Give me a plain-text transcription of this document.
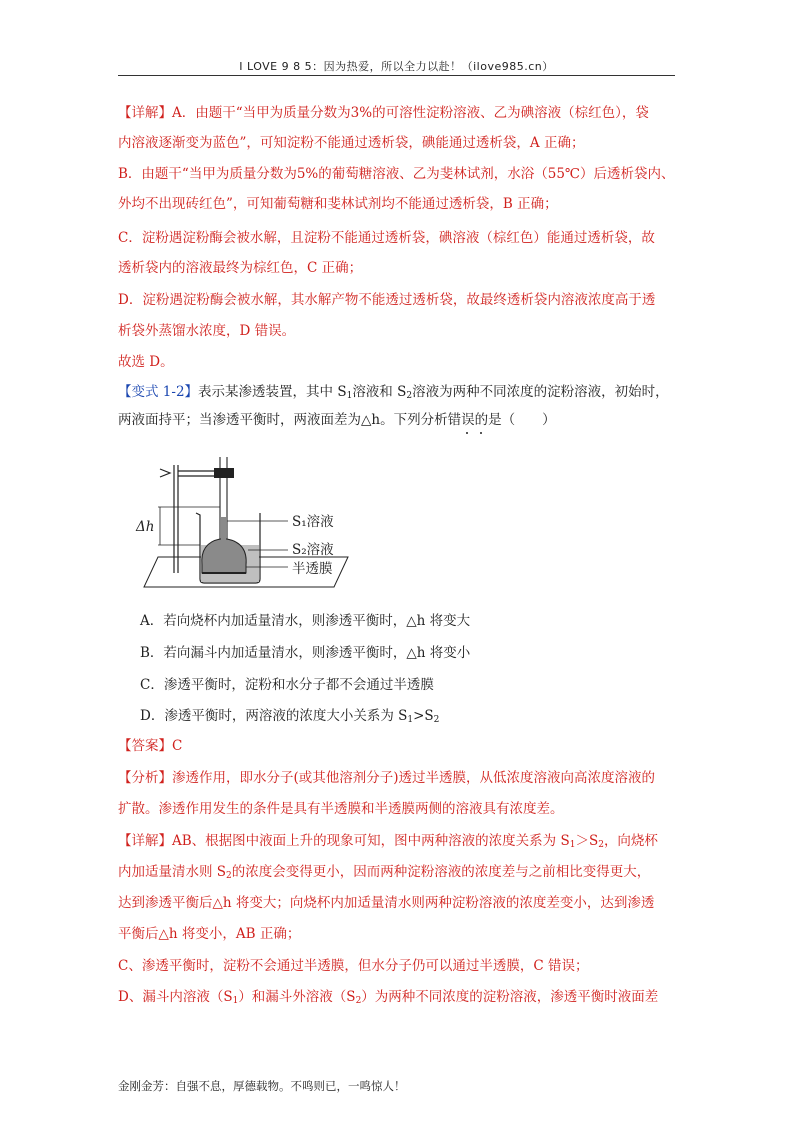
I LOVE 9 8 5：因为热爱，所以全力以赴！（ilove985.cn）
【详解】A．由题干“当甲为质量分数为3%的可溶性淀粉溶液、乙为碘溶液（棕红色），袋
内溶液逐渐变为蓝色”，可知淀粉不能通过透析袋，碘能通过透析袋，A 正确；
B．由题干“当甲为质量分数为5%的葡萄糖溶液、乙为斐林试剂，水浴（55℃）后透析袋内、
外均不出现砖红色”，可知葡萄糖和斐林试剂均不能通过透析袋，B 正确；
C．淀粉遇淀粉酶会被水解，且淀粉不能通过透析袋，碘溶液（棕红色）能通过透析袋，故
透析袋内的溶液最终为棕红色，C 正确；
D．淀粉遇淀粉酶会被水解，其水解产物不能透过透析袋，故最终透析袋内溶液浓度高于透
析袋外蒸馏水浓度，D 错误。
故选 D。
【变式 1-2】表示某渗透装置，其中 $S_1$溶液和 $S_2$溶液为两种不同浓度的淀粉溶液，初始时，
两液面持平；当渗透平衡时，两液面差为△h。下列分析错误的是（　　）
Δh	S₁溶液
S₂溶液
半透膜
A．若向烧杯内加适量清水，则渗透平衡时，△h 将变大
B．若向漏斗内加适量清水，则渗透平衡时，△h 将变小
C．渗透平衡时，淀粉和水分子都不会通过半透膜
D．渗透平衡时，两溶液的浓度大小关系为 $S_1>S_2$
【答案】C
【分析】渗透作用，即水分子(或其他溶剂分子)透过半透膜，从低浓度溶液向高浓度溶液的
扩散。渗透作用发生的条件是具有半透膜和半透膜两侧的溶液具有浓度差。
【详解】AB、根据图中液面上升的现象可知，图中两种溶液的浓度关系为 $S_1>S_2$，向烧杯
内加适量清水则 $S_2$的浓度会变得更小，因而两种淀粉溶液的浓度差与之前相比变得更大，
达到渗透平衡后△h 将变大；向烧杯内加适量清水则两种淀粉溶液的浓度差变小，达到渗透
平衡后△h 将变小，AB 正确；
C、渗透平衡时，淀粉不会通过半透膜，但水分子仍可以通过半透膜，C 错误；
D、漏斗内溶液$(S_1)$和漏斗外溶液$(S_2)$为两种不同浓度的淀粉溶液，渗透平衡时液面差
金刚金芳：自强不息，厚德载物。不鸣则已，一鸣惊人！
